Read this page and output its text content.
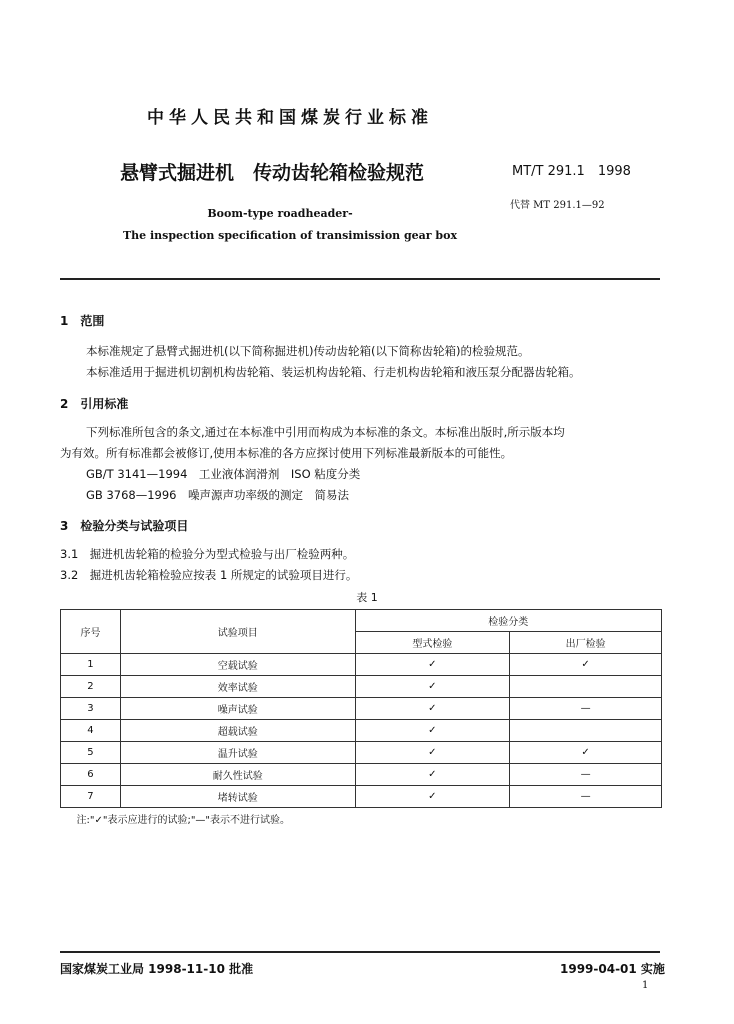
中华人民共和国煤炭行业标准
悬臂式掘进机　传动齿轮箱检验规范	MT/T 291.1　1998
代替 MT 291.1—92
Boom-type roadheader-
The inspection specification of transimission gear box
1　范围
本标准规定了悬臂式掘进机(以下简称掘进机)传动齿轮箱(以下简称齿轮箱)的检验规范。
本标准适用于掘进机切割机构齿轮箱、装运机构齿轮箱、行走机构齿轮箱和液压泵分配器齿轮箱。
2　引用标准
下列标准所包含的条文,通过在本标准中引用而构成为本标准的条文。本标准出版时,所示版本均
为有效。所有标准都会被修订,使用本标准的各方应探讨使用下列标准最新版本的可能性。
GB/T 3141—1994　工业液体润滑剂　ISO 粘度分类
GB 3768—1996　噪声源声功率级的测定　简易法
3　检验分类与试验项目
3.1　掘进机齿轮箱的检验分为型式检验与出厂检验两种。
3.2　掘进机齿轮箱检验应按表 1 所规定的试验项目进行。
表 1
序号	试验项目	检验分类	
		型式检验	出厂检验
1	空载试验	✓	✓
2	效率试验	✓	
3	噪声试验	✓	—
4	超载试验	✓	
5	温升试验	✓	✓
6	耐久性试验	✓	—
7	堵转试验	✓	—
注:"✓"表示应进行的试验;"—"表示不进行试验。			
国家煤炭工业局 1998-11-10 批准	1999-04-01 实施
1
